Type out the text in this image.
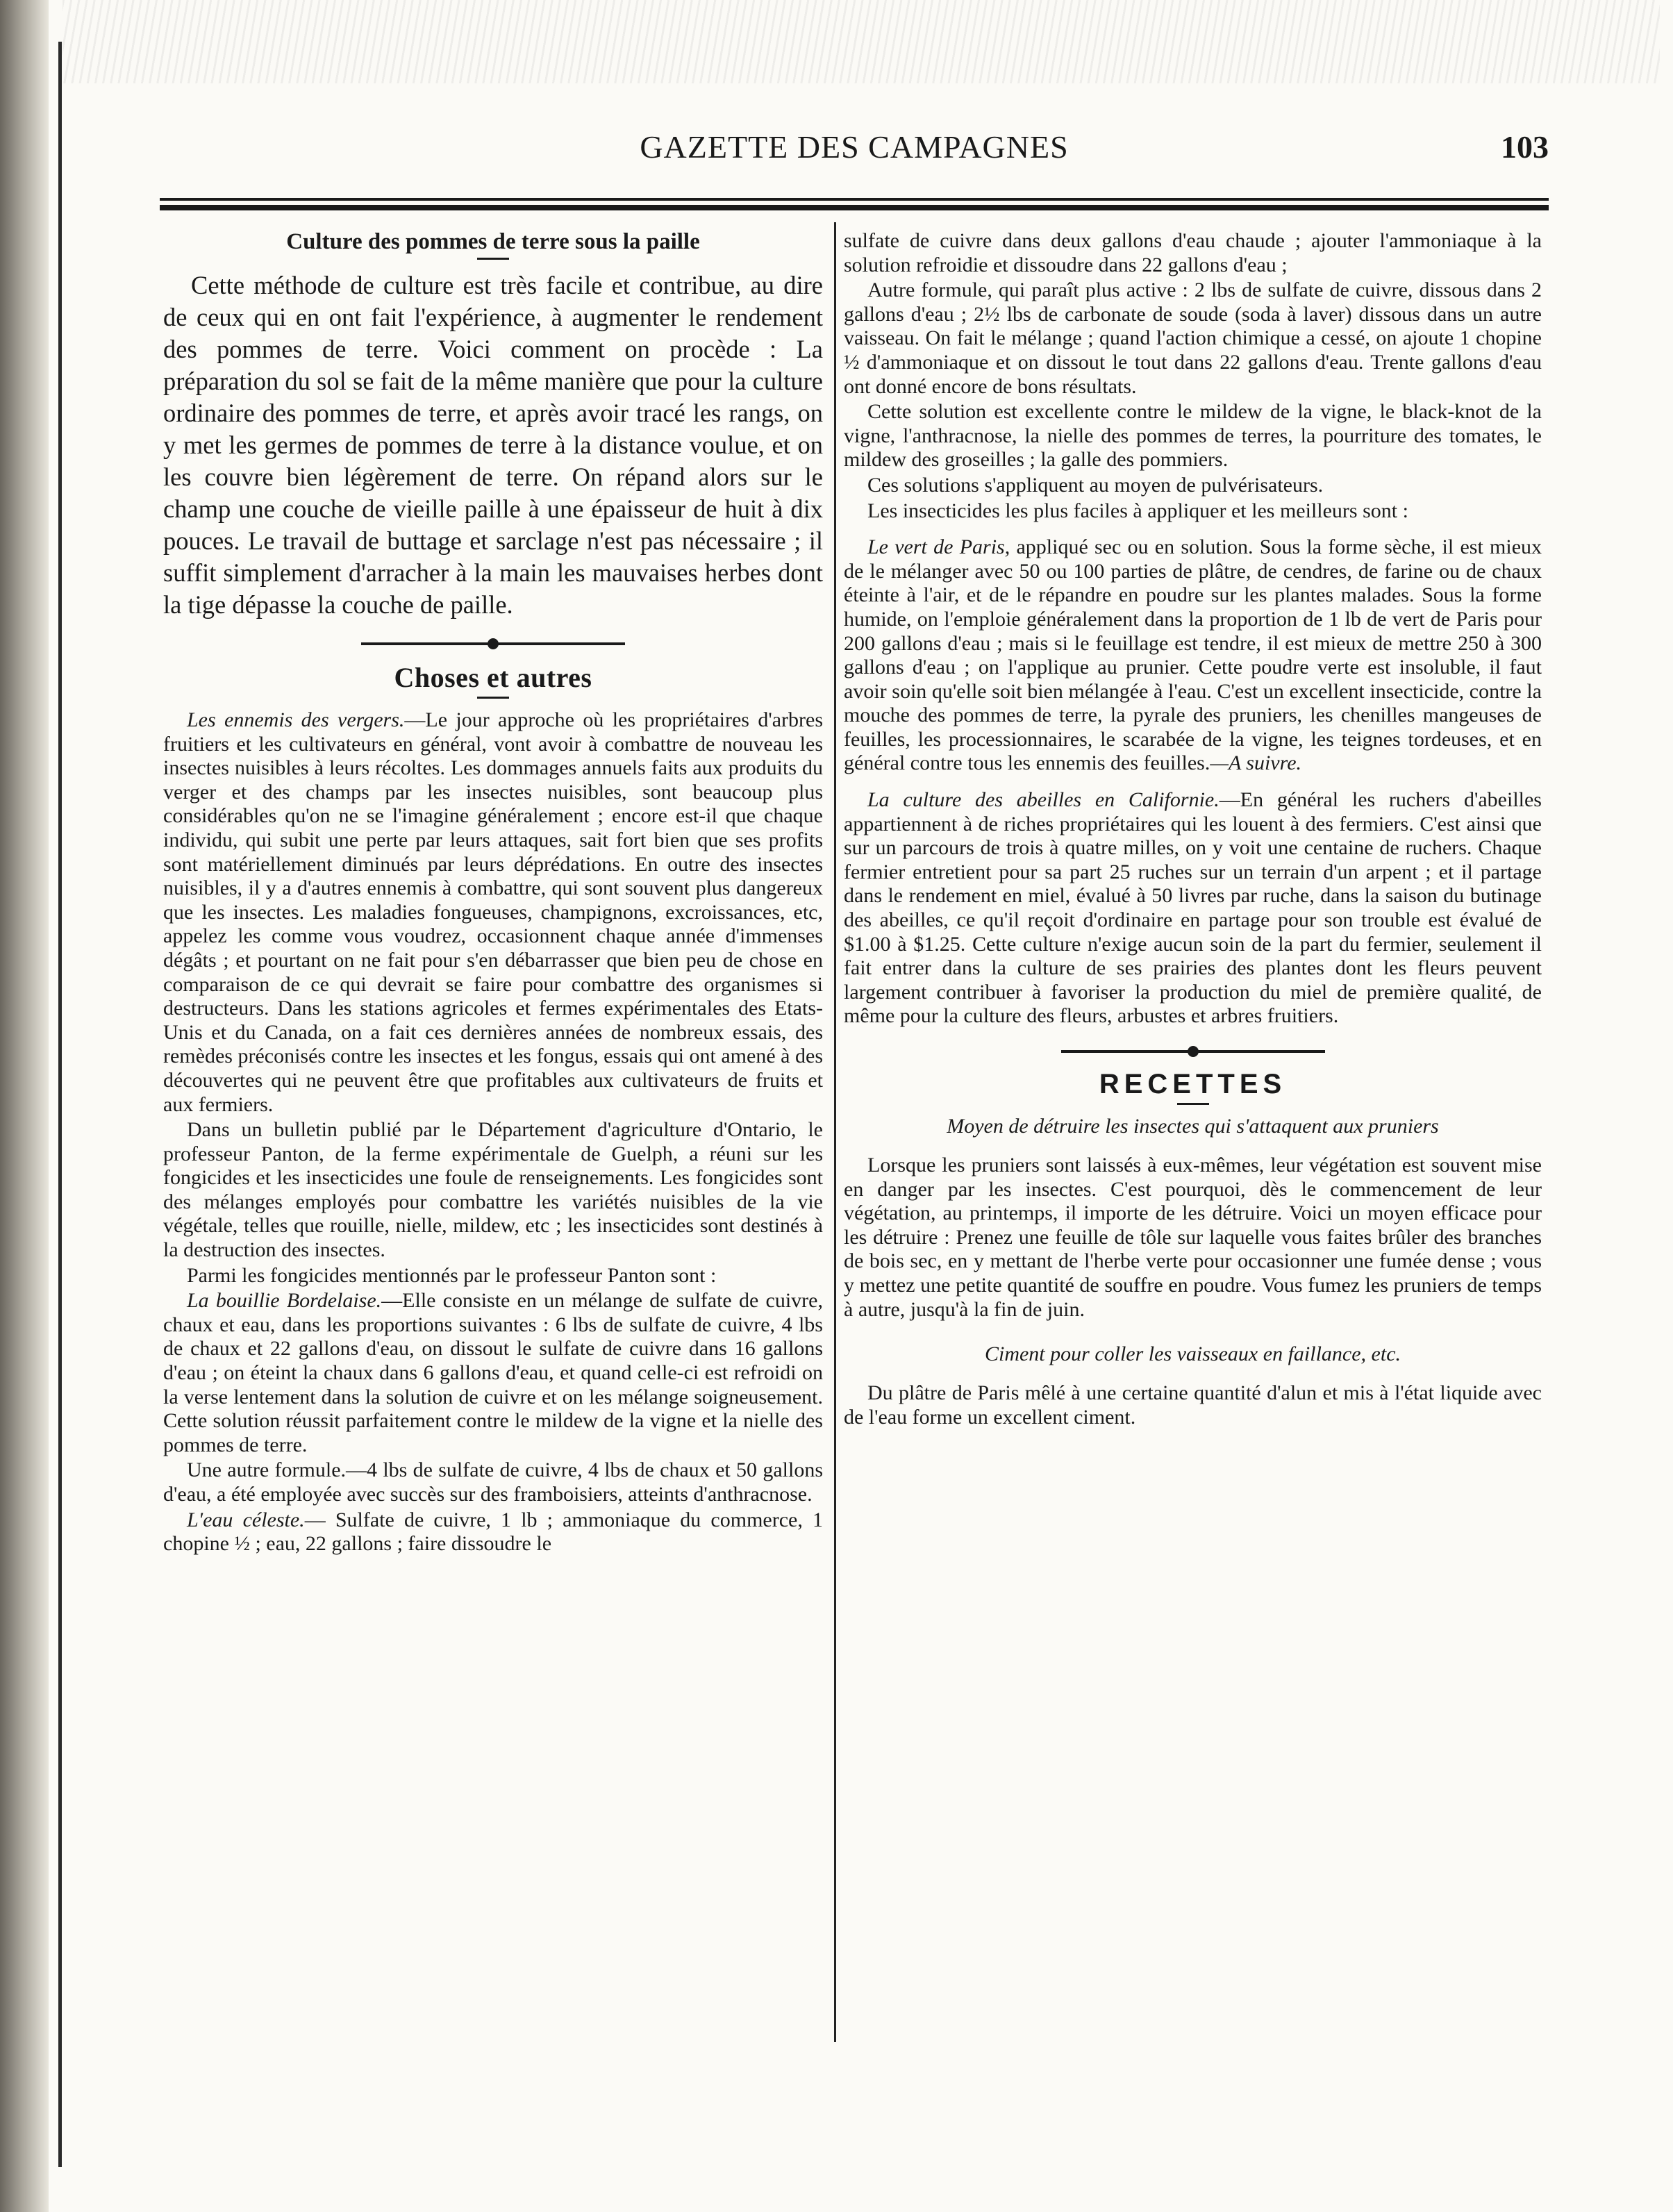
GAZETTE DES CAMPAGNES	103
Culture des pommes de terre sous la paille

Cette méthode de culture est très facile et contribue, au dire de ceux qui en ont fait l'expérience, à augmenter le rendement des pommes de terre. Voici comment on procède : La préparation du sol se fait de la même manière que pour la culture ordinaire des pommes de terre, et après avoir tracé les rangs, on y met les germes de pommes de terre à la distance voulue, et on les couvre bien légèrement de terre. On répand alors sur le champ une couche de vieille paille à une épaisseur de huit à dix pouces. Le travail de buttage et sarclage n'est pas nécessaire ; il suffit simplement d'arracher à la main les mauvaises herbes dont la tige dépasse la couche de paille.

Choses et autres

Les ennemis des vergers.—Le jour approche où les propriétaires d'arbres fruitiers et les cultivateurs en général, vont avoir à combattre de nouveau les insectes nuisibles à leurs récoltes. Les dommages annuels faits aux produits du verger et des champs par les insectes nuisibles, sont beaucoup plus considérables qu'on ne se l'imagine généralement ; encore est-il que chaque individu, qui subit une perte par leurs attaques, sait fort bien que ses profits sont matériellement diminués par leurs déprédations. En outre des insectes nuisibles, il y a d'autres ennemis à combattre, qui sont souvent plus dangereux que les insectes. Les maladies fongueuses, champignons, excroissances, etc, appelez les comme vous voudrez, occasionnent chaque année d'immenses dégâts ; et pourtant on ne fait pour s'en débarrasser que bien peu de chose en comparaison de ce qui devrait se faire pour combattre des organismes si destructeurs. Dans les stations agricoles et fermes expérimentales des Etats-Unis et du Canada, on a fait ces dernières années de nombreux essais, des remèdes préconisés contre les insectes et les fongus, essais qui ont amené à des découvertes qui ne peuvent être que profitables aux cultivateurs de fruits et aux fermiers.

Dans un bulletin publié par le Département d'agriculture d'Ontario, le professeur Panton, de la ferme expérimentale de Guelph, a réuni sur les fongicides et les insecticides une foule de renseignements. Les fongicides sont des mélanges employés pour combattre les variétés nuisibles de la vie végétale, telles que rouille, nielle, mildew, etc ; les insecticides sont destinés à la destruction des insectes.

Parmi les fongicides mentionnés par le professeur Panton sont :

La bouillie Bordelaise.—Elle consiste en un mélange de sulfate de cuivre, chaux et eau, dans les proportions suivantes : 6 lbs de sulfate de cuivre, 4 lbs de chaux et 22 gallons d'eau, on dissout le sulfate de cuivre dans 16 gallons d'eau ; on éteint la chaux dans 6 gallons d'eau, et quand celle-ci est refroidi on la verse lentement dans la solution de cuivre et on les mélange soigneusement. Cette solution réussit parfaitement contre le mildew de la vigne et la nielle des pommes de terre.

Une autre formule.—4 lbs de sulfate de cuivre, 4 lbs de chaux et 50 gallons d'eau, a été employée avec succès sur des framboisiers, atteints d'anthracnose.

L'eau céleste.— Sulfate de cuivre, 1 lb ; ammoniaque du commerce, 1 chopine ½ ; eau, 22 gallons ; faire dissoudre le

sulfate de cuivre dans deux gallons d'eau chaude ; ajouter l'ammoniaque à la solution refroidie et dissoudre dans 22 gallons d'eau ;

Autre formule, qui paraît plus active : 2 lbs de sulfate de cuivre, dissous dans 2 gallons d'eau ; 2½ lbs de carbonate de soude (soda à laver) dissous dans un autre vaisseau. On fait le mélange ; quand l'action chimique a cessé, on ajoute 1 chopine ½ d'ammoniaque et on dissout le tout dans 22 gallons d'eau. Trente gallons d'eau ont donné encore de bons résultats.

Cette solution est excellente contre le mildew de la vigne, le black-knot de la vigne, l'anthracnose, la nielle des pommes de terres, la pourriture des tomates, le mildew des groseilles ; la galle des pommiers.

Ces solutions s'appliquent au moyen de pulvérisateurs.

Les insecticides les plus faciles à appliquer et les meilleurs sont :

Le vert de Paris, appliqué sec ou en solution. Sous la forme sèche, il est mieux de le mélanger avec 50 ou 100 parties de plâtre, de cendres, de farine ou de chaux éteinte à l'air, et de le répandre en poudre sur les plantes malades. Sous la forme humide, on l'emploie généralement dans la proportion de 1 lb de vert de Paris pour 200 gallons d'eau ; mais si le feuillage est tendre, il est mieux de mettre 250 à 300 gallons d'eau ; on l'applique au prunier. Cette poudre verte est insoluble, il faut avoir soin qu'elle soit bien mélangée à l'eau. C'est un excellent insecticide, contre la mouche des pommes de terre, la pyrale des pruniers, les chenilles mangeuses de feuilles, les processionnaires, le scarabée de la vigne, les teignes tordeuses, et en général contre tous les ennemis des feuilles.—A suivre.

La culture des abeilles en Californie.—En général les ruchers d'abeilles appartiennent à de riches propriétaires qui les louent à des fermiers. C'est ainsi que sur un parcours de trois à quatre milles, on y voit une centaine de ruchers. Chaque fermier entretient pour sa part 25 ruches sur un terrain d'un arpent ; et il partage dans le rendement en miel, évalué à 50 livres par ruche, dans la saison du butinage des abeilles, ce qu'il reçoit d'ordinaire en partage pour son trouble est évalué de $1.00 à $1.25. Cette culture n'exige aucun soin de la part du fermier, seulement il fait entrer dans la culture de ses prairies des plantes dont les fleurs peuvent largement contribuer à favoriser la production du miel de première qualité, de même pour la culture des fleurs, arbustes et arbres fruitiers.

RECETTES
Moyen de détruire les insectes qui s'attaquent aux pruniers

Lorsque les pruniers sont laissés à eux-mêmes, leur végétation est souvent mise en danger par les insectes. C'est pourquoi, dès le commencement de leur végétation, au printemps, il importe de les détruire. Voici un moyen efficace pour les détruire : Prenez une feuille de tôle sur laquelle vous faites brûler des branches de bois sec, en y mettant de l'herbe verte pour occasionner une fumée dense ; vous y mettez une petite quantité de souffre en poudre. Vous fumez les pruniers de temps à autre, jusqu'à la fin de juin.

Ciment pour coller les vaisseaux en faillance, etc.

Du plâtre de Paris mêlé à une certaine quantité d'alun et mis à l'état liquide avec de l'eau forme un excellent ciment.
